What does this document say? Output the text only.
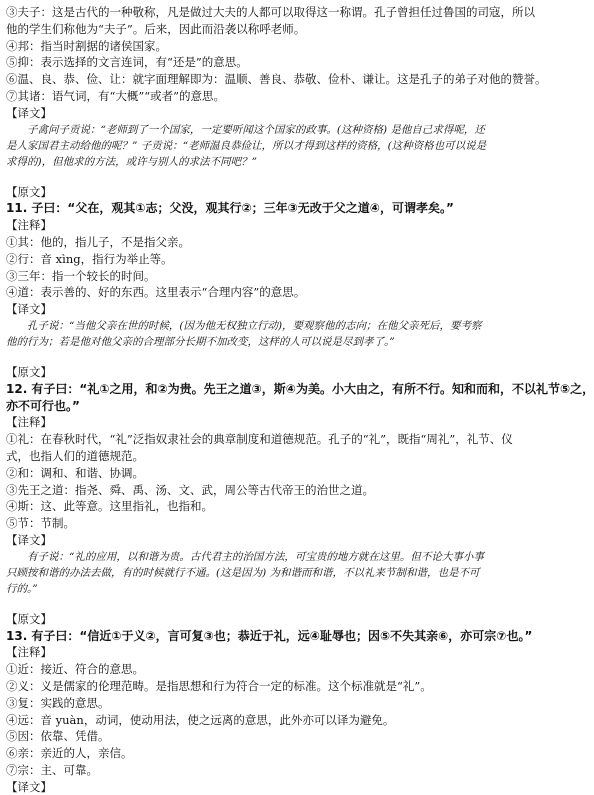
③夫子：这是古代的一种敬称，凡是做过大夫的人都可以取得这一称谓。孔子曾担任过鲁国的司寇，所以
他的学生们称他为“夫子”。后来，因此而沿袭以称呼老师。
④邦：指当时割据的诸侯国家。
⑤抑：表示选择的文言连词，有“还是”的意思。
⑥温、良、恭、俭、让：就字面理解即为：温顺、善良、恭敬、俭朴、谦让。这是孔子的弟子对他的赞誉。
⑦其诸：语气词，有“大概”“或者”的意思。
【译文】
子禽问子贡说：“老师到了一个国家，一定要听闻这个国家的政事。(这种资格) 是他自己求得呢，还
是人家国君主动给他的呢？” 子贡说：“老师温良恭俭让，所以才得到这样的资格，(这种资格也可以说是
求得的)，但他求的方法，或许与别人的求法不同吧？”
【原文】
11. 子曰：“父在，观其①志；父没，观其行②；三年③无改于父之道④，可谓孝矣。”
【注释】
①其：他的，指儿子，不是指父亲。
②行：音 xìng，指行为举止等。
③三年：指一个较长的时间。
④道：表示善的、好的东西。这里表示“合理内容”的意思。
【译文】
孔子说：“当他父亲在世的时候，(因为他无权独立行动)，要观察他的志向；在他父亲死后，要考察
他的行为；若是他对他父亲的合理部分长期不加改变，这样的人可以说是尽到孝了。”
【原文】
12. 有子曰：“礼①之用，和②为贵。先王之道③，斯④为美。小大由之，有所不行。知和而和，不以礼节⑤之，
亦不可行也。”
【注释】
①礼：在春秋时代，“礼”泛指奴隶社会的典章制度和道德规范。孔子的“礼”，既指“周礼”，礼节、仪
式，也指人们的道德规范。
②和：调和、和谐、协调。
③先王之道：指尧、舜、禹、汤、文、武，周公等古代帝王的治世之道。
④斯：这、此等意。这里指礼，也指和。
⑤节：节制。
【译文】
有子说：“礼的应用，以和谐为贵。古代君主的治国方法，可宝贵的地方就在这里。但不论大事小事
只顾按和谐的办法去做，有的时候就行不通。(这是因为) 为和谐而和谐，不以礼来节制和谐，也是不可
行的。”
【原文】
13. 有子曰：“信近①于义②，言可复③也；恭近于礼，远④耻辱也；因⑤不失其亲⑥，亦可宗⑦也。”
【注释】
①近：接近、符合的意思。
②义：义是儒家的伦理范畴。是指思想和行为符合一定的标准。这个标准就是“礼”。
③复：实践的意思。
④远：音 yuàn，动词，使动用法，使之远离的意思，此外亦可以译为避免。
⑤因：依靠、凭借。
⑥亲：亲近的人，亲信。
⑦宗：主、可靠。
【译文】
